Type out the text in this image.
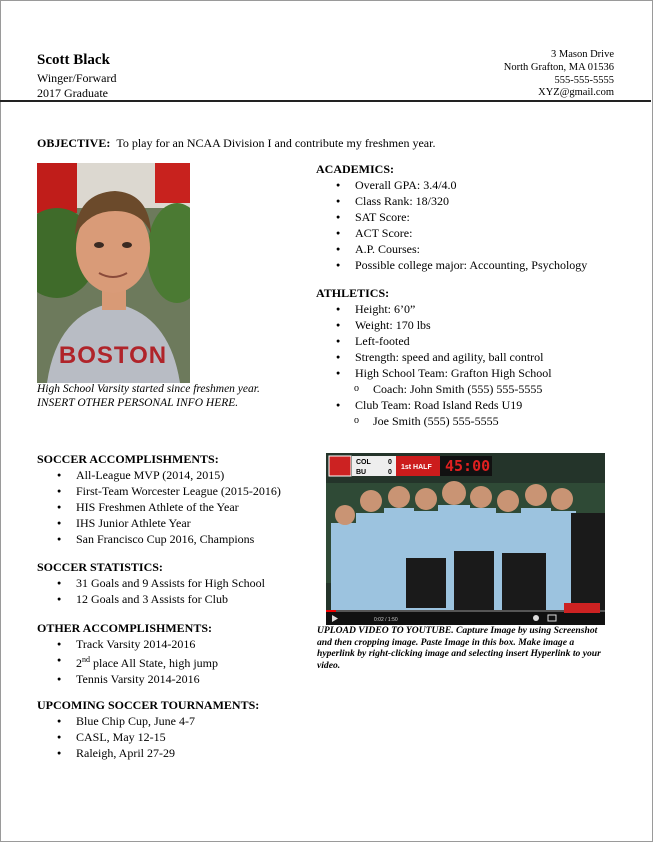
Scott Black
Winger/Forward
2017 Graduate
3 Mason Drive
North Grafton, MA 01536
555-555-5555
XYZ@gmail.com
OBJECTIVE: To play for an NCAA Division I and contribute my freshmen year.
BOSTON
High School Varsity started since freshmen year.
INSERT OTHER PERSONAL INFO HERE.
ACADEMICS:
● Overall GPA: 3.4/4.0
● Class Rank: 18/320
● SAT Score:
● ACT Score:
● A.P. Courses:
● Possible college major: Accounting, Psychology
ATHLETICS:
● Height: 6’0”
● Weight: 170 lbs
● Left-footed
● Strength: speed and agility, ball control
● High School Team: Grafton High School
o Coach: John Smith (555) 555-5555
● Club Team: Road Island Reds U19
o Joe Smith (555) 555-5555
SOCCER ACCOMPLISHMENTS:
● All-League MVP (2014, 2015)
● First-Team Worcester League (2015-2016)
● HIS Freshmen Athlete of the Year
● IHS Junior Athlete Year
● San Francisco Cup 2016, Champions
SOCCER STATISTICS:
● 31 Goals and 9 Assists for High School
● 12 Goals and 3 Assists for Club
OTHER ACCOMPLISHMENTS:
● Track Varsity 2014-2016
● 2nd place All State, high jump
● Tennis Varsity 2014-2016
UPCOMING SOCCER TOURNAMENTS:
● Blue Chip Cup, June 4-7
● CASL, May 12-15
● Raleigh, April 27-29
COL 0
BU	0
1st HALF 45:00
0:02 / 1:50
UPLOAD VIDEO TO YOUTUBE. Capture Image by using Screenshot and then cropping image. Paste Image in this box. Make image a hyperlink by right-clicking image and selecting insert Hyperlink to your video.
